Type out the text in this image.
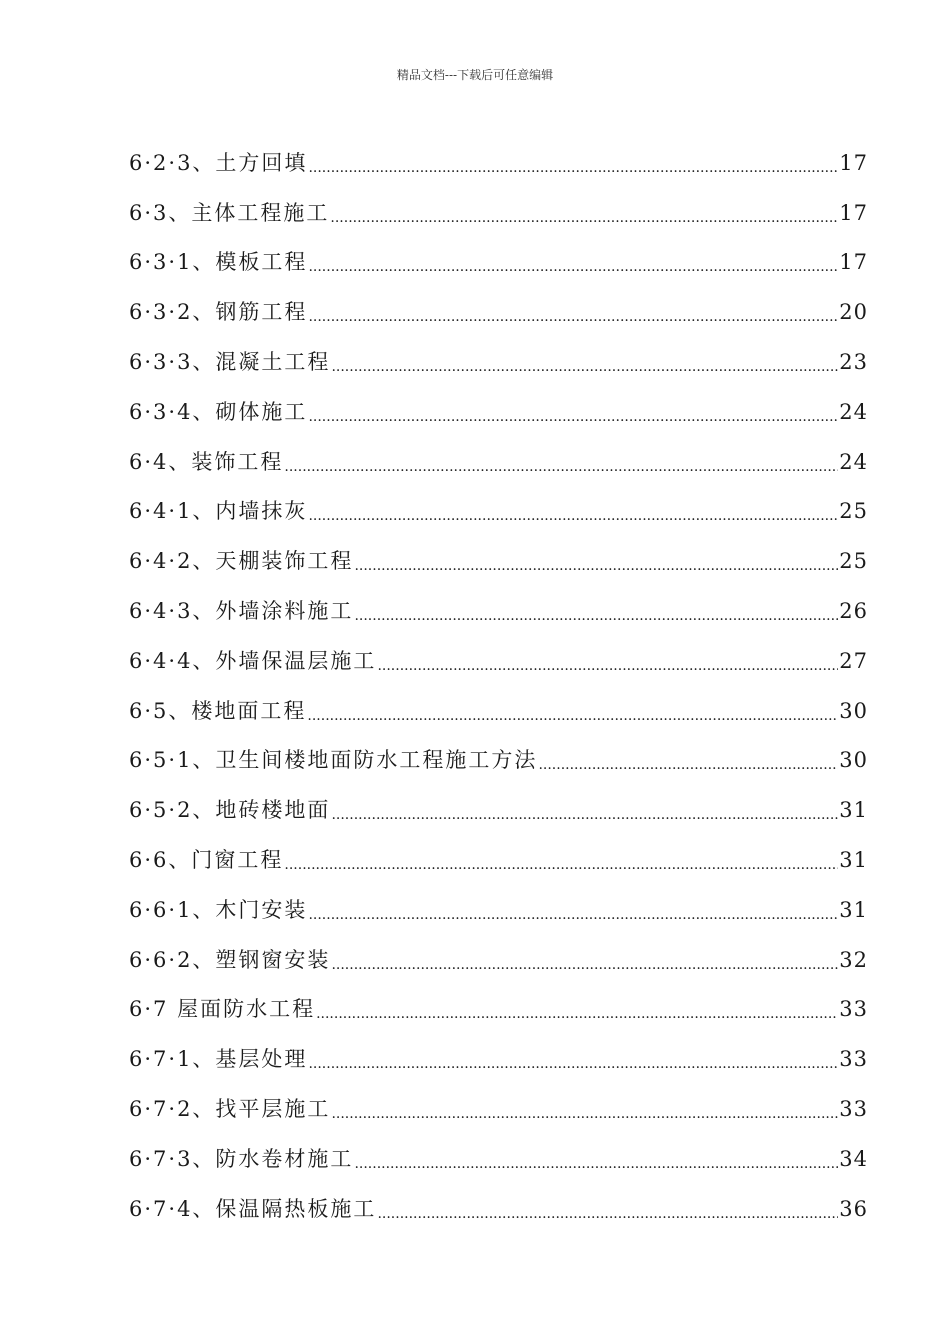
精品文档---下载后可任意编辑
6·2·3、土方回填 .....	17
6·3、主体工程施工 .....	17
6·3·1、模板工程 .....	17
6·3·2、钢筋工程 .....	20
6·3·3、混凝土工程 .....	23
6·3·4、砌体施工 .....	24
6·4、装饰工程 .....	24
6·4·1、内墙抹灰 .....	25
6·4·2、天棚装饰工程 .....	25
6·4·3、外墙涂料施工 .....	26
6·4·4、外墙保温层施工 .....	27
6·5、楼地面工程 .....	30
6·5·1、卫生间楼地面防水工程施工方法 .....	30
6·5·2、地砖楼地面 .....	31
6·6、门窗工程 .....	31
6·6·1、木门安装 .....	31
6·6·2、塑钢窗安装 .....	32
6·7 屋面防水工程 .....	33
6·7·1、基层处理 .....	33
6·7·2、找平层施工 .....	33
6·7·3、防水卷材施工 .....	34
6·7·4、保温隔热板施工 .....	36
